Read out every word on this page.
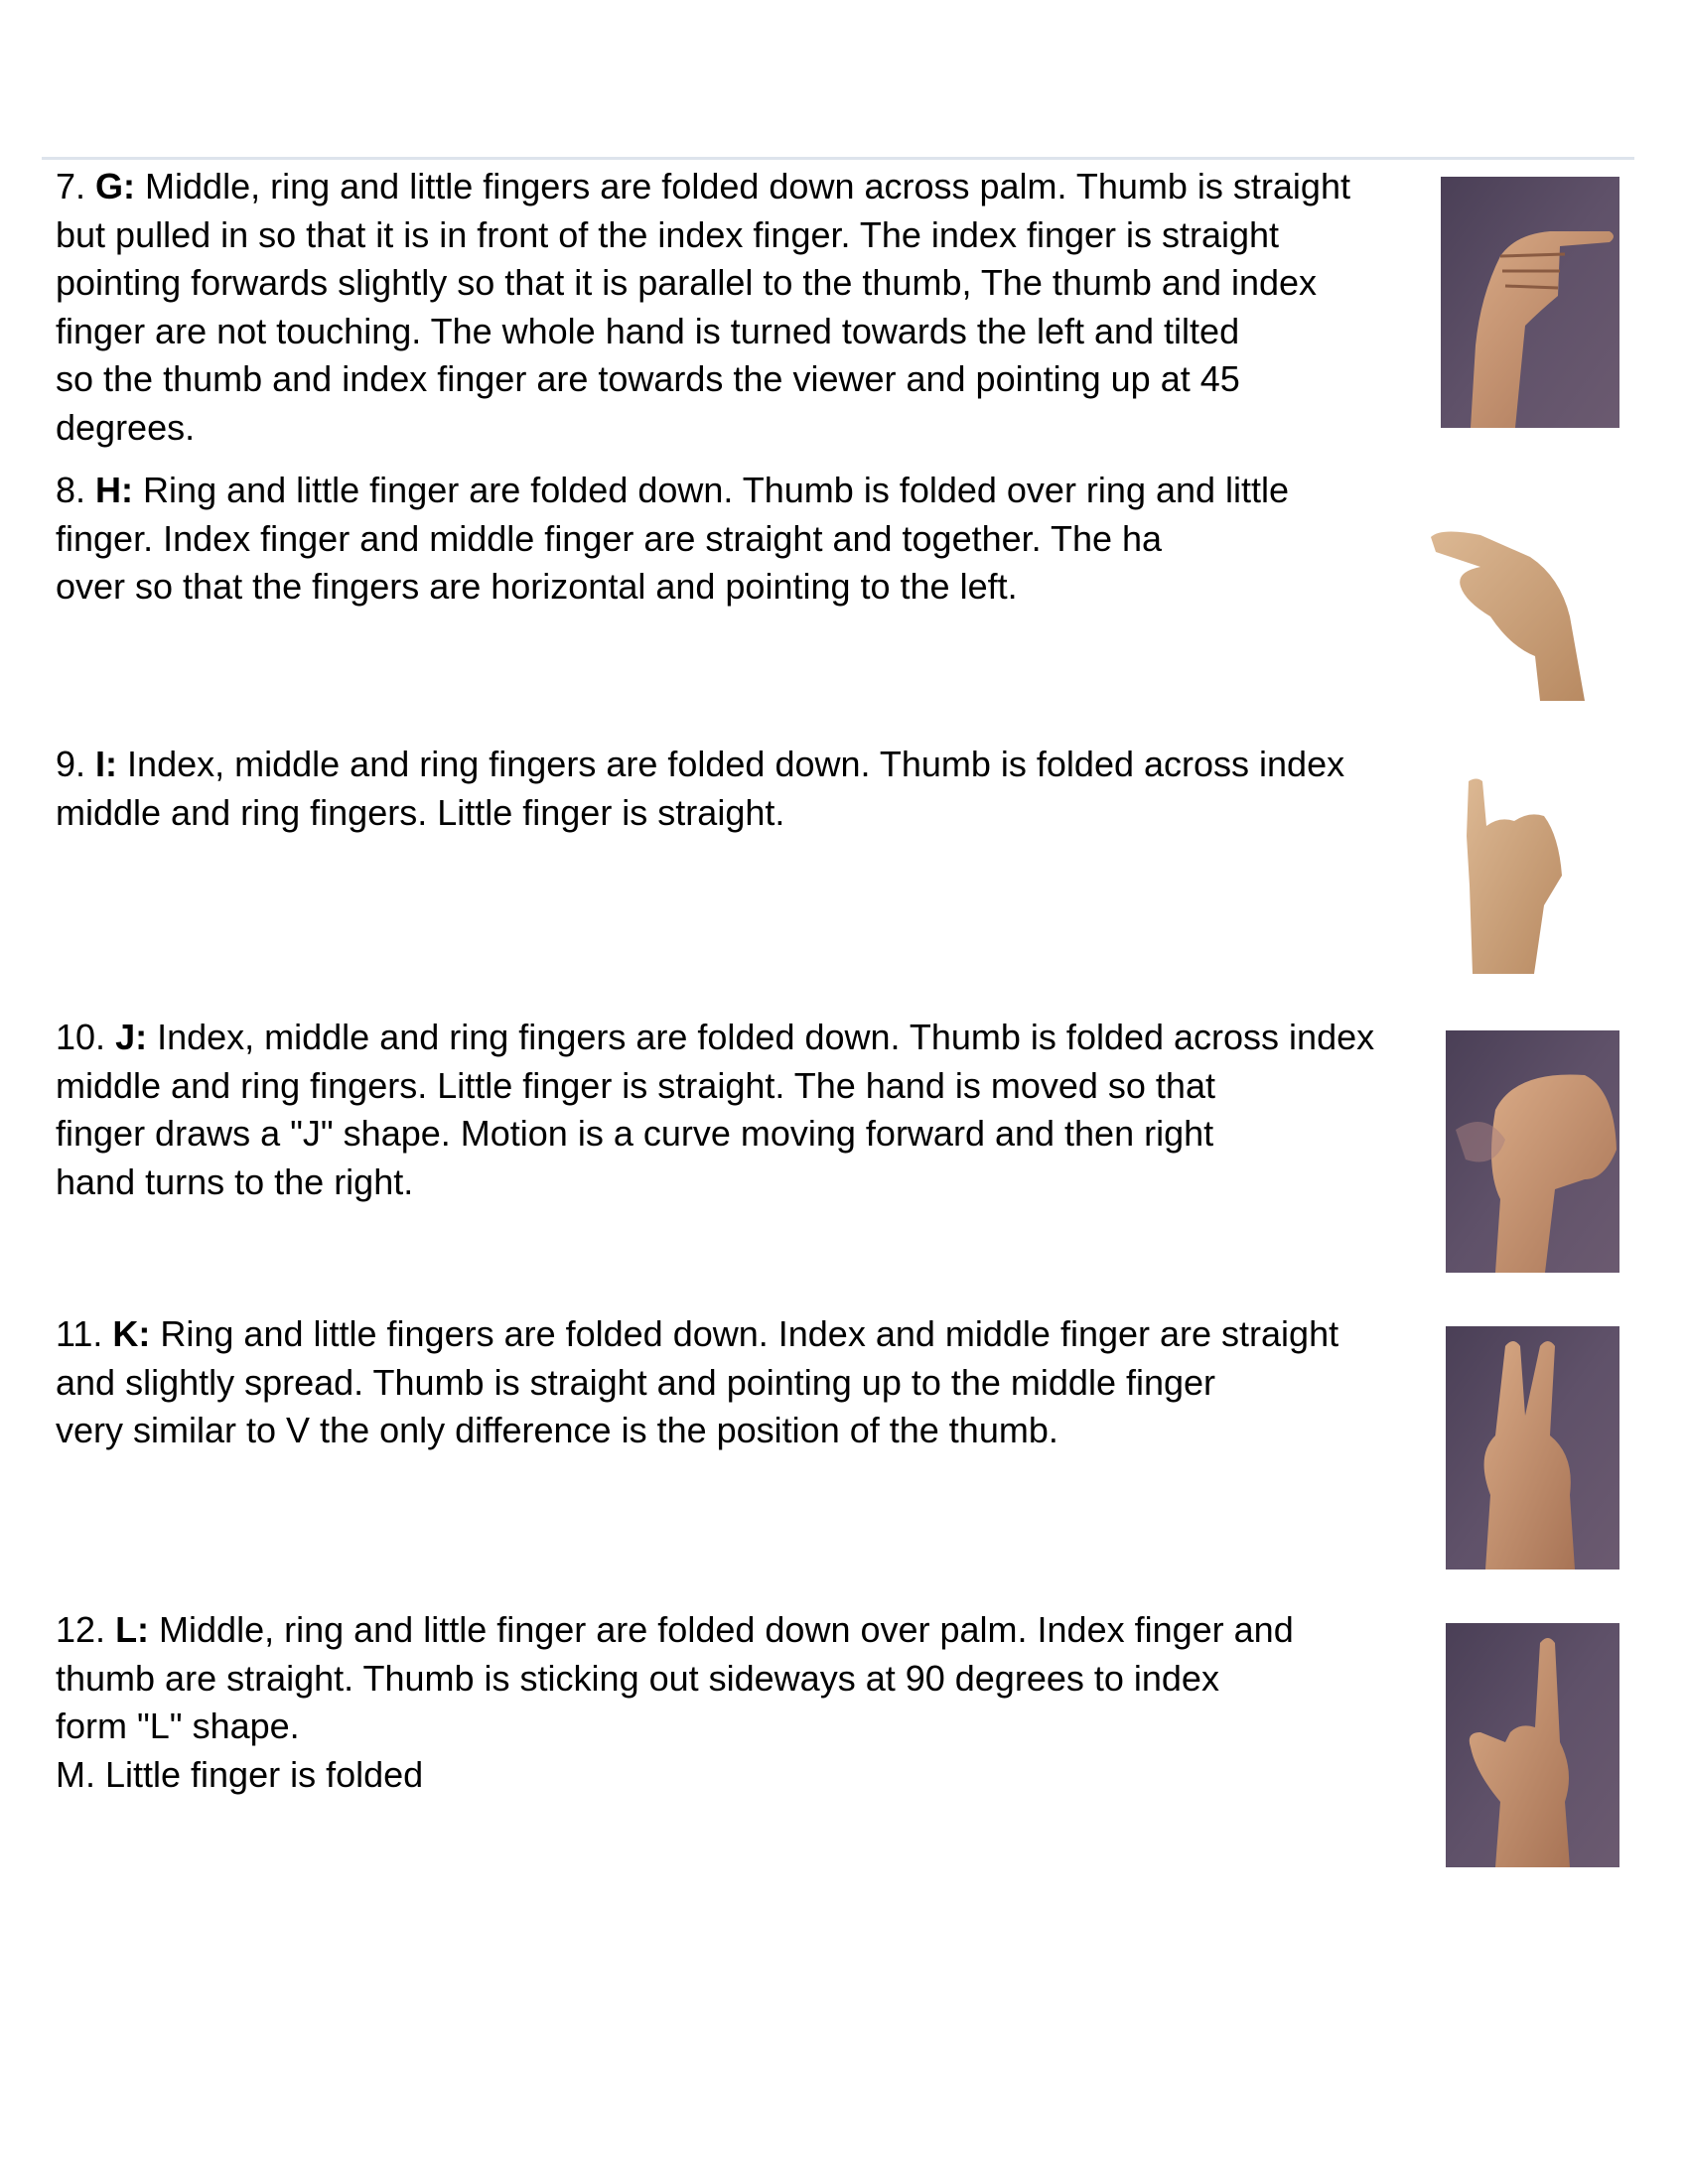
7. G: Middle, ring and little fingers are folded down across palm. Thumb is straight
but pulled in so that it is in front of the index finger. The index finger is straight
pointing forwards slightly so that it is parallel to the thumb, The thumb and index
finger are not touching. The whole hand is turned towards the left and tilted
so the thumb and index finger are towards the viewer and pointing up at 45
degrees.
8. H: Ring and little finger are folded down. Thumb is folded over ring and little
finger. Index finger and middle finger are straight and together. The ha
over so that the fingers are horizontal and pointing to the left.
9. I: Index, middle and ring fingers are folded down. Thumb is folded across index
middle and ring fingers. Little finger is straight.
10. J: Index, middle and ring fingers are folded down. Thumb is folded across index
middle and ring fingers. Little finger is straight. The hand is moved so that
finger draws a "J" shape. Motion is a curve moving forward and then right
hand turns to the right.
11. K: Ring and little fingers are folded down. Index and middle finger are straight
and slightly spread. Thumb is straight and pointing up to the middle finger
very similar to V the only difference is the position of the thumb.
12. L: Middle, ring and little finger are folded down over palm. Index finger and
thumb are straight. Thumb is sticking out sideways at 90 degrees to index
form "L" shape.
M. Little finger is folded
